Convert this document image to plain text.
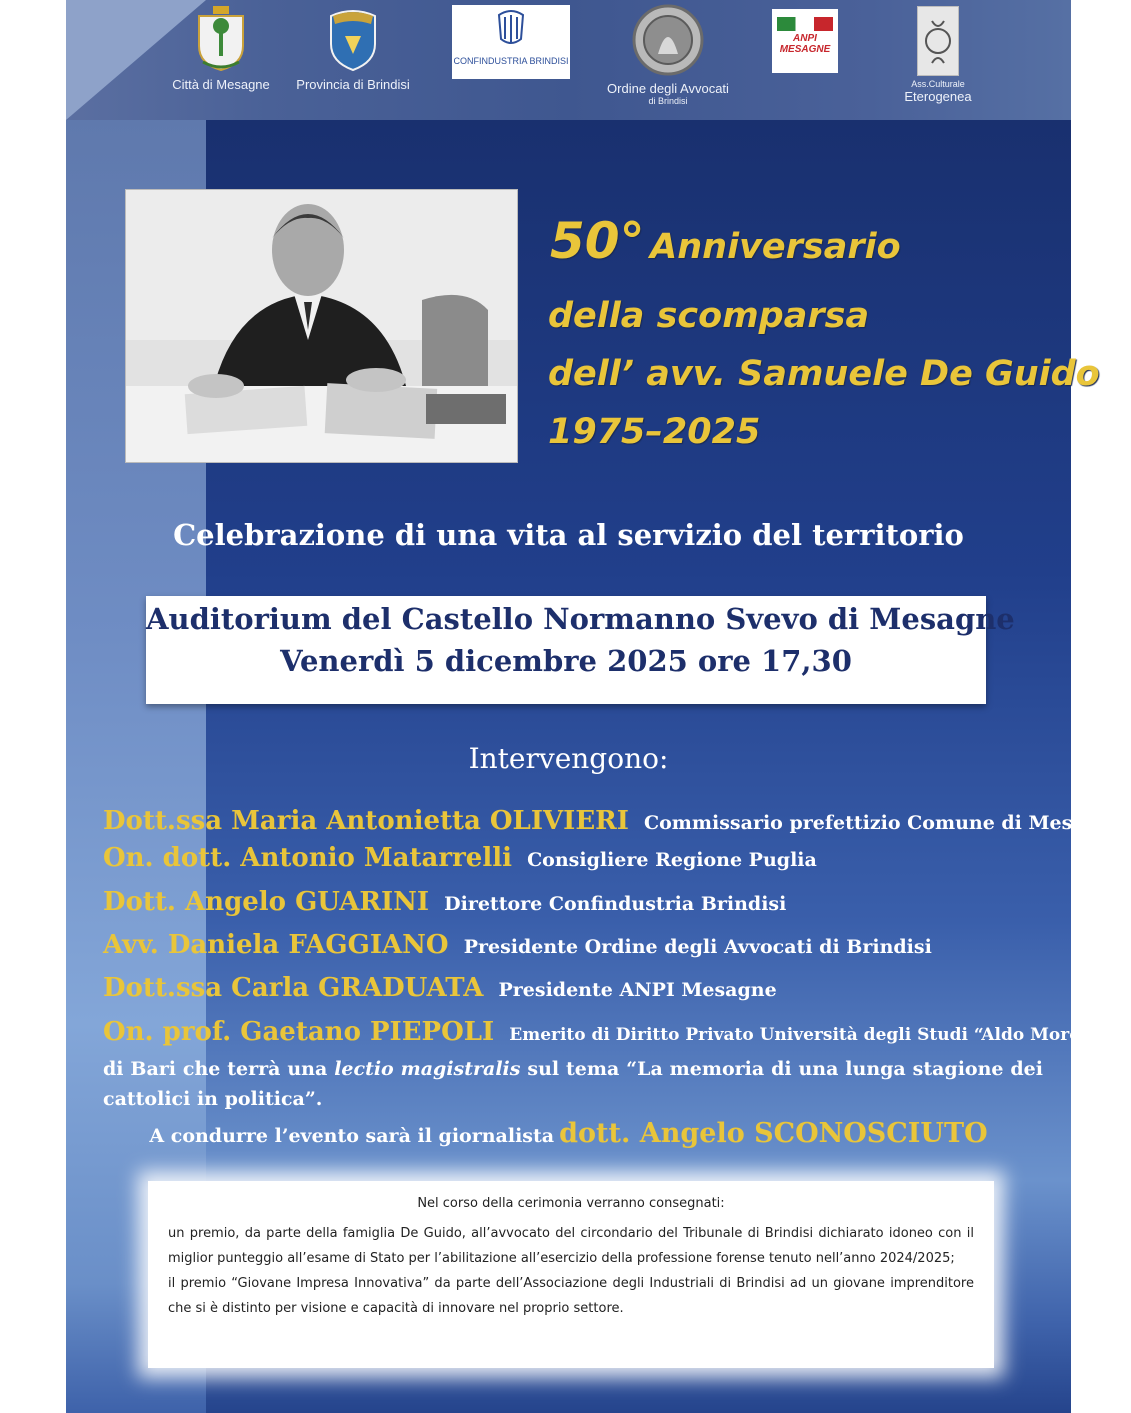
Città di Mesagne	Provincia di Brindisi
CONFINDUSTRIA BRINDISI
Ordine degli Avvocati
di Brindisi
ANPI MESAGNE
Ass.Culturale
Eterogenea
50° Anniversario
della scomparsa
dell’ avv. Samuele De Guido
1975–2025
Celebrazione di una vita al servizio del territorio
Auditorium del Castello Normanno Svevo di Mesagne
Venerdì 5 dicembre 2025 ore 17,30
Intervengono:
Dott.ssa Maria Antonietta OLIVIERI Commissario prefettizio Comune di Mesagne
On. dott. Antonio Matarrelli Consigliere Regione Puglia
Dott. Angelo GUARINI Direttore Confindustria Brindisi
Avv. Daniela FAGGIANO Presidente Ordine degli Avvocati di Brindisi
Dott.ssa Carla GRADUATA Presidente ANPI Mesagne
On. prof. Gaetano PIEPOLI Emerito di Diritto Privato Università degli Studi “Aldo Moro”
di Bari che terrà una lectio magistralis sul tema “La memoria di una lunga stagione dei cattolici in politica”.
A condurre l’evento sarà il giornalista dott. Angelo SCONOSCIUTO
Nel corso della cerimonia verranno consegnati:
un premio, da parte della famiglia De Guido, all’avvocato del circondario del Tribunale di Brindisi dichiarato idoneo con il miglior punteggio all’esame di Stato per l’abilitazione all’esercizio della professione forense tenuto nell’anno 2024/2025;
il premio “Giovane Impresa Innovativa” da parte dell’Associazione degli Industriali di Brindisi ad un giovane imprenditore che si è distinto per visione e capacità di innovare nel proprio settore.
